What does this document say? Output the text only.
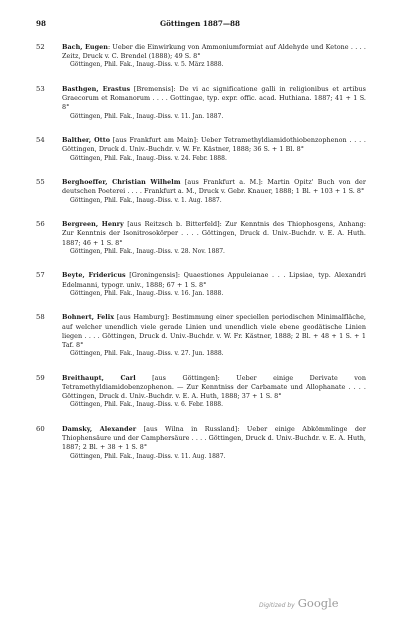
98	Göttingen 1887—88
52	Bach, Eugen: Ueber die Einwirkung von Ammoniumformiat auf Aldehyde und Ketone . . . . Zeitz, Druck v. C. Brendel (1888); 49 S. 8°

Göttingen, Phil. Fak., Inaug.-Diss. v. 5. März 1888.

53	Basthgen, Erastus [Bremensis]: De vi ac significatione galli in religionibus et artibus Graecorum et Romanorum . . . . Gottingae, typ. expr. offic. acad. Huthiana. 1887; 41 + 1 S. 8°

Göttingen, Phil. Fak., Inaug.-Diss. v. 11. Jan. 1887.

54	Balther, Otto [aus Frankfurt am Main]: Ueber Tetramethyldiamidothiobenzophenon . . . . Göttingen, Druck d. Univ.-Buchdr. v. W. Fr. Kästner, 1888; 36 S. + 1 Bl. 8°

Göttingen, Phil. Fak., Inaug.-Diss. v. 24. Febr. 1888.

55	Berghoeffer, Christian Wilhelm [aus Frankfurt a. M.]: Martin Opitz' Buch von der deutschen Poeterei . . . . Frankfurt a. M., Druck v. Gebr. Knauer, 1888; 1 Bl. + 103 + 1 S. 8°

Göttingen, Phil. Fak., Inaug.-Diss. v. 1. Aug. 1887.

56	Bergreen, Henry [aus Reitzsch b. Bitterfeld]: Zur Kenntnis des Thiophosgens, Anhang: Zur Kenntnis der Isonitrosokörper . . . . Göttingen, Druck d. Univ.-Buchdr. v. E. A. Huth. 1887; 46 + 1 S. 8°

Göttingen, Phil. Fak., Inaug.-Diss. v. 28. Nov. 1887.

57	Beyte, Fridericus [Groningensis]: Quaestiones Appuleianae . . . Lipsiae, typ. Alexandri Edelmanni, typogr. univ., 1888; 67 + 1 S. 8°

Göttingen, Phil. Fak., Inaug.-Diss. v. 16. Jan. 1888.

58	Bohnert, Felix [aus Hamburg]: Bestimmung einer speciellen periodischen Minimalfläche, auf welcher unendlich viele gerade Linien und unendlich viele ebene geodätische Linien liegen . . . . Göttingen, Druck d. Univ.-Buchdr. v. W. Fr. Kästner, 1888; 2 Bl. + 48 + 1 S. + 1 Taf. 8°

Göttingen, Phil. Fak., Inaug.-Diss. v. 27. Jun. 1888.

59	Breithaupt, Carl [aus Göttingen]: Ueber einige Derivate von Tetramethyldiamidobenzophenon. — Zur Kenntniss der Carbamate und Allophanate . . . . Göttingen, Druck d. Univ.-Buchdr. v. E. A. Huth, 1888; 37 + 1 S. 8°

Göttingen, Phil. Fak., Inaug.-Diss. v. 6. Febr. 1888.

60	Damsky, Alexander [aus Wilna in Russland]: Ueber einige Abkömmlinge der Thiophensäure und der Camphersäure . . . . Göttingen, Druck d. Univ.-Buchdr. v. E. A. Huth, 1887; 2 Bl. + 38 + 1 S. 8°

Göttingen, Phil. Fak., Inaug.-Diss. v. 11. Aug. 1887.

Digitized by Google
